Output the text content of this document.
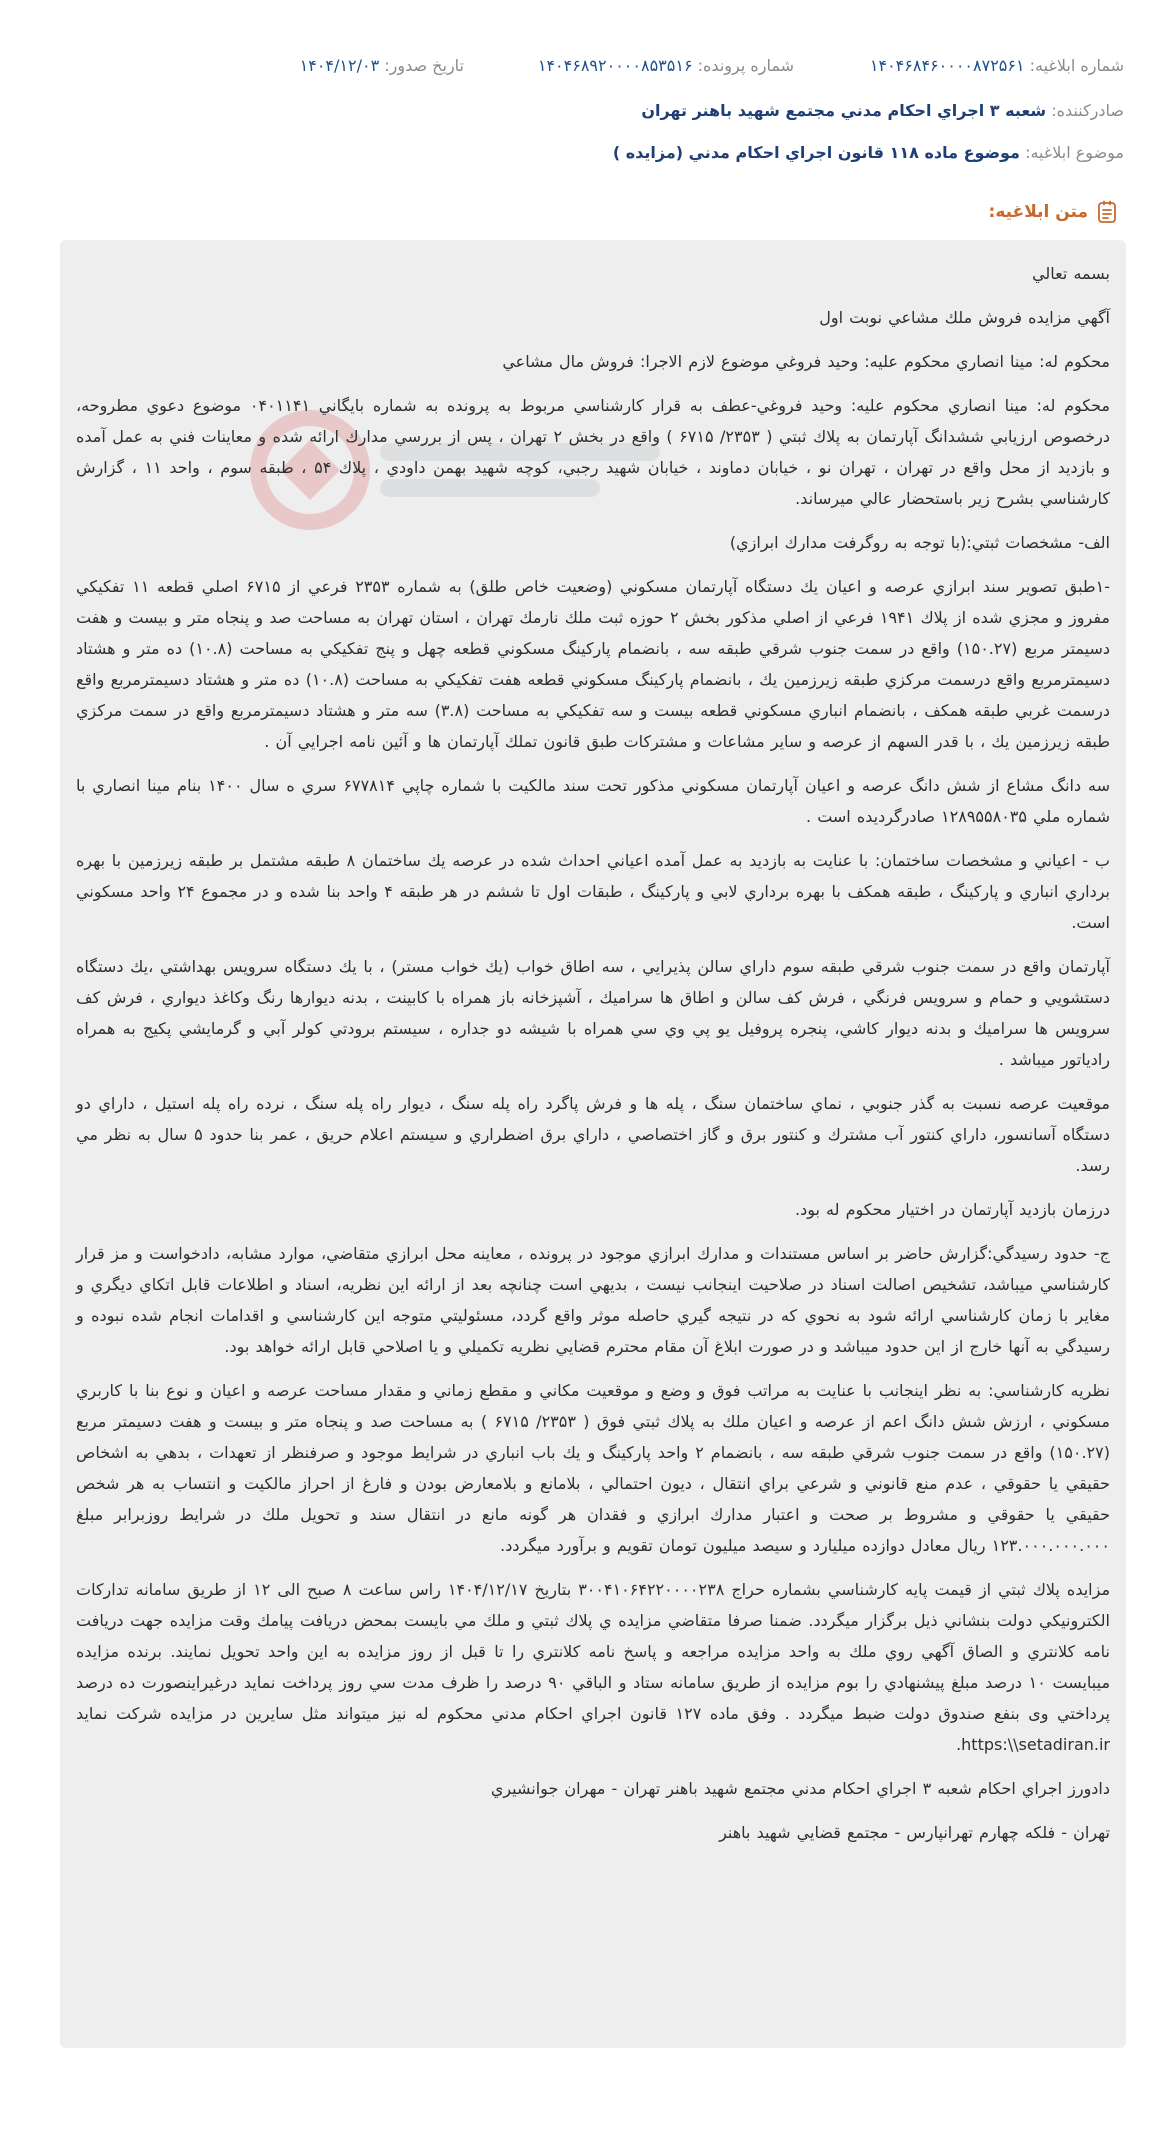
شماره ابلاغیه: ۱۴۰۴۶۸۴۶۰۰۰۰۸۷۲۵۶۱
شماره پرونده: ۱۴۰۴۶۸۹۲۰۰۰۰۸۵۳۵۱۶
تاریخ صدور: ۱۴۰۴/۱۲/۰۳
صادرکننده: شعبه ۳ اجراي احكام مدني مجتمع شهيد باهنر تهران
موضوع ابلاغیه: موضوع ماده ۱۱۸ قانون اجراي احكام مدني (مزايده )
متن ابلاغیه:

بسمه تعالي

آگهي مزايده فروش ملك مشاعي نوبت اول

محكوم له: مينا انصاري محكوم عليه: وحيد فروغي موضوع لازم الاجرا: فروش مال مشاعي

محكوم له: مينا انصاري محكوم عليه: وحيد فروغي-عطف به قرار كارشناسي مربوط به پرونده به شماره بايگاني ۰۴۰۱۱۴۱ موضوع دعوي مطروحه، درخصوص ارزيابي ششدانگ آپارتمان به پلاك ثبتي ( ۲۳۵۳/ ۶۷۱۵ ) واقع در بخش ۲ تهران ، پس از بررسي مدارك ارائه شده و معاينات فني به عمل آمده و بازديد از محل واقع در تهران ، تهران نو ، خيابان دماوند ، خيابان شهيد رجبي، كوچه شهيد بهمن داودي ، پلاك ۵۴ ، طبقه سوم ، واحد ۱۱ ، گزارش كارشناسي بشرح زير باستحضار عالي ميرساند.

الف- مشخصات ثبتي:(با توجه به روگرفت مدارك ابرازي)

-۱طبق تصوير سند ابرازي عرصه و اعيان يك دستگاه آپارتمان مسكوني (وضعيت خاص طلق) به شماره ۲۳۵۳ فرعي از ۶۷۱۵ اصلي قطعه ۱۱ تفكيكي مفروز و مجزي شده از پلاك ۱۹۴۱ فرعي از اصلي مذكور بخش ۲ حوزه ثبت ملك نارمك تهران ، استان تهران به مساحت صد و پنجاه متر و بيست و هفت دسيمتر مربع (۱۵۰.۲۷) واقع در سمت جنوب شرقي طبقه سه ، بانضمام پاركينگ مسكوني قطعه چهل و پنج تفكيكي به مساحت (۱۰.۸) ده متر و هشتاد دسيمترمربع واقع درسمت مركزي طبقه زيرزمين يك ، بانضمام پاركينگ مسكوني قطعه هفت تفكيكي به مساحت (۱۰.۸) ده متر و هشتاد دسيمترمربع واقع درسمت غربي طبقه همكف ، بانضمام انباري مسكوني قطعه بيست و سه تفكيكي به مساحت (۳.۸) سه متر و هشتاد دسيمترمربع واقع در سمت مركزي طبقه زيرزمين يك ، با قدر السهم از عرصه و ساير مشاعات و مشتركات طبق قانون تملك آپارتمان ها و آئين نامه اجرايي آن .

سه دانگ مشاع از شش دانگ عرصه و اعيان آپارتمان مسكوني مذكور تحت سند مالكيت با شماره چاپي ۶۷۷۸۱۴ سري ه سال ۱۴۰۰ بنام مينا انصاري با شماره ملي ۱۲۸۹۵۵۸۰۳۵ صادرگرديده است .

ب - اعياني و مشخصات ساختمان: با عنايت به بازديد به عمل آمده اعياني احداث شده در عرصه يك ساختمان ۸ طبقه مشتمل بر طبقه زيرزمين با بهره برداري انباري و پاركينگ ، طبقه همكف با بهره برداري لابي و پاركينگ ، طبقات اول تا ششم در هر طبقه ۴ واحد بنا شده و در مجموع ۲۴ واحد مسكوني است.

آپارتمان واقع در سمت جنوب شرقي طبقه سوم داراي سالن پذيرايي ، سه اطاق خواب (يك خواب مستر) ، با يك دستگاه سرويس بهداشتي ،يك دستگاه دستشويي و حمام و سرويس فرنگي ، فرش كف سالن و اطاق ها سراميك ، آشپزخانه باز همراه با كابينت ، بدنه ديوارها رنگ وكاغذ ديواري ، فرش كف سرويس ها سراميك و بدنه ديوار كاشي، پنجره پروفيل يو پي وي سي همراه با شيشه دو جداره ، سيستم برودتي كولر آبي و گرمايشي پكيج به همراه رادياتور ميباشد .

موقعيت عرصه نسبت به گذر جنوبي ، نماي ساختمان سنگ ، پله ها و فرش پاگرد راه پله سنگ ، ديوار راه پله سنگ ، نرده راه پله استيل ، داراي دو دستگاه آسانسور، داراي كنتور آب مشترك و كنتور برق و گاز اختصاصي ، داراي برق اضطراري و سيستم اعلام حريق ، عمر بنا حدود ۵ سال به نظر مي رسد.

درزمان بازديد آپارتمان در اختيار محكوم له بود.

ج- حدود رسيدگي:گزارش حاضر بر اساس مستندات و مدارك ابرازي موجود در پرونده ، معاينه محل ابرازي متقاضي، موارد مشابه، دادخواست و مز قرار كارشناسي ميباشد، تشخيص اصالت اسناد در صلاحيت اينجانب نيست ، بديهي است چنانچه بعد از ارائه اين نظريه، اسناد و اطلاعات قابل اتكاي ديگري و مغاير با زمان كارشناسي ارائه شود به نحوي كه در نتيجه گيري حاصله موثر واقع گردد، مسئوليتي متوجه اين كارشناسي و اقدامات انجام شده نبوده و رسيدگي به آنها خارج از اين حدود ميباشد و در صورت ابلاغ آن مقام محترم قضايي نظريه تكميلي و يا اصلاحي قابل ارائه خواهد بود.

نظريه كارشناسي: به نظر اينجانب با عنايت به مراتب فوق و وضع و موقعيت مكاني و مقطع زماني و مقدار مساحت عرصه و اعيان و نوع بنا با كاربري مسكوني ، ارزش شش دانگ اعم از عرصه و اعيان ملك به پلاك ثبتي فوق ( ۲۳۵۳/ ۶۷۱۵ ) به مساحت صد و پنجاه متر و بيست و هفت دسيمتر مربع (۱۵۰.۲۷) واقع در سمت جنوب شرقي طبقه سه ، بانضمام ۲ واحد پاركينگ و يك باب انباري در شرايط موجود و صرفنظر از تعهدات ، بدهي به اشخاص حقيقي يا حقوقي ، عدم منع قانوني و شرعي براي انتقال ، ديون احتمالي ، بلامانع و بلامعارض بودن و فارغ از احراز مالكيت و انتساب به هر شخص حقيقي يا حقوقي و مشروط بر صحت و اعتبار مدارك ابرازي و فقدان هر گونه مانع در انتقال سند و تحويل ملك در شرايط روزبرابر مبلغ ۱۲۳.۰۰۰.۰۰۰.۰۰۰ ريال معادل دوازده ميليارد و سيصد ميليون تومان تقويم و برآورد ميگردد.

مزايده پلاك ثبتي از قيمت پايه كارشناسي بشماره حراج ۳۰۰۴۱۰۶۴۲۲۰۰۰۰۲۳۸ بتاريخ ۱۴۰۴/۱۲/۱۷ راس ساعت ۸ صبح الی ۱۲ از طريق سامانه تداركات الكترونيكي دولت بنشاني ذيل برگزار ميگردد. ضمنا صرفا متقاضي مزايده ي پلاك ثبتي و ملك مي بايست بمحض دريافت پيامك وقت مزايده جهت دريافت نامه كلانتري و الصاق آگهي روي ملك به واحد مزايده مراجعه و پاسخ نامه كلانتري را تا قبل از روز مزايده به اين واحد تحويل نمايند. برنده مزايده ميبايست ۱۰ درصد مبلغ پيشنهادي را بوم مزايده از طريق سامانه ستاد و الباقي ۹۰ درصد را ظرف مدت سي روز پرداخت نمايد درغيراينصورت ده درصد پرداختي وی بنفع صندوق دولت ضبط ميگردد . وفق ماده ۱۲۷ قانون اجراي احكام مدني محكوم له نيز ميتواند مثل سايرين در مزايده شركت نمايد https:\\setadiran.ir.

دادورز اجراي احكام شعبه ۳ اجراي احكام مدني مجتمع شهيد باهنر تهران - مهران جوانشيري

تهران - فلكه چهارم تهرانپارس - مجتمع قضايي شهيد باهنر
